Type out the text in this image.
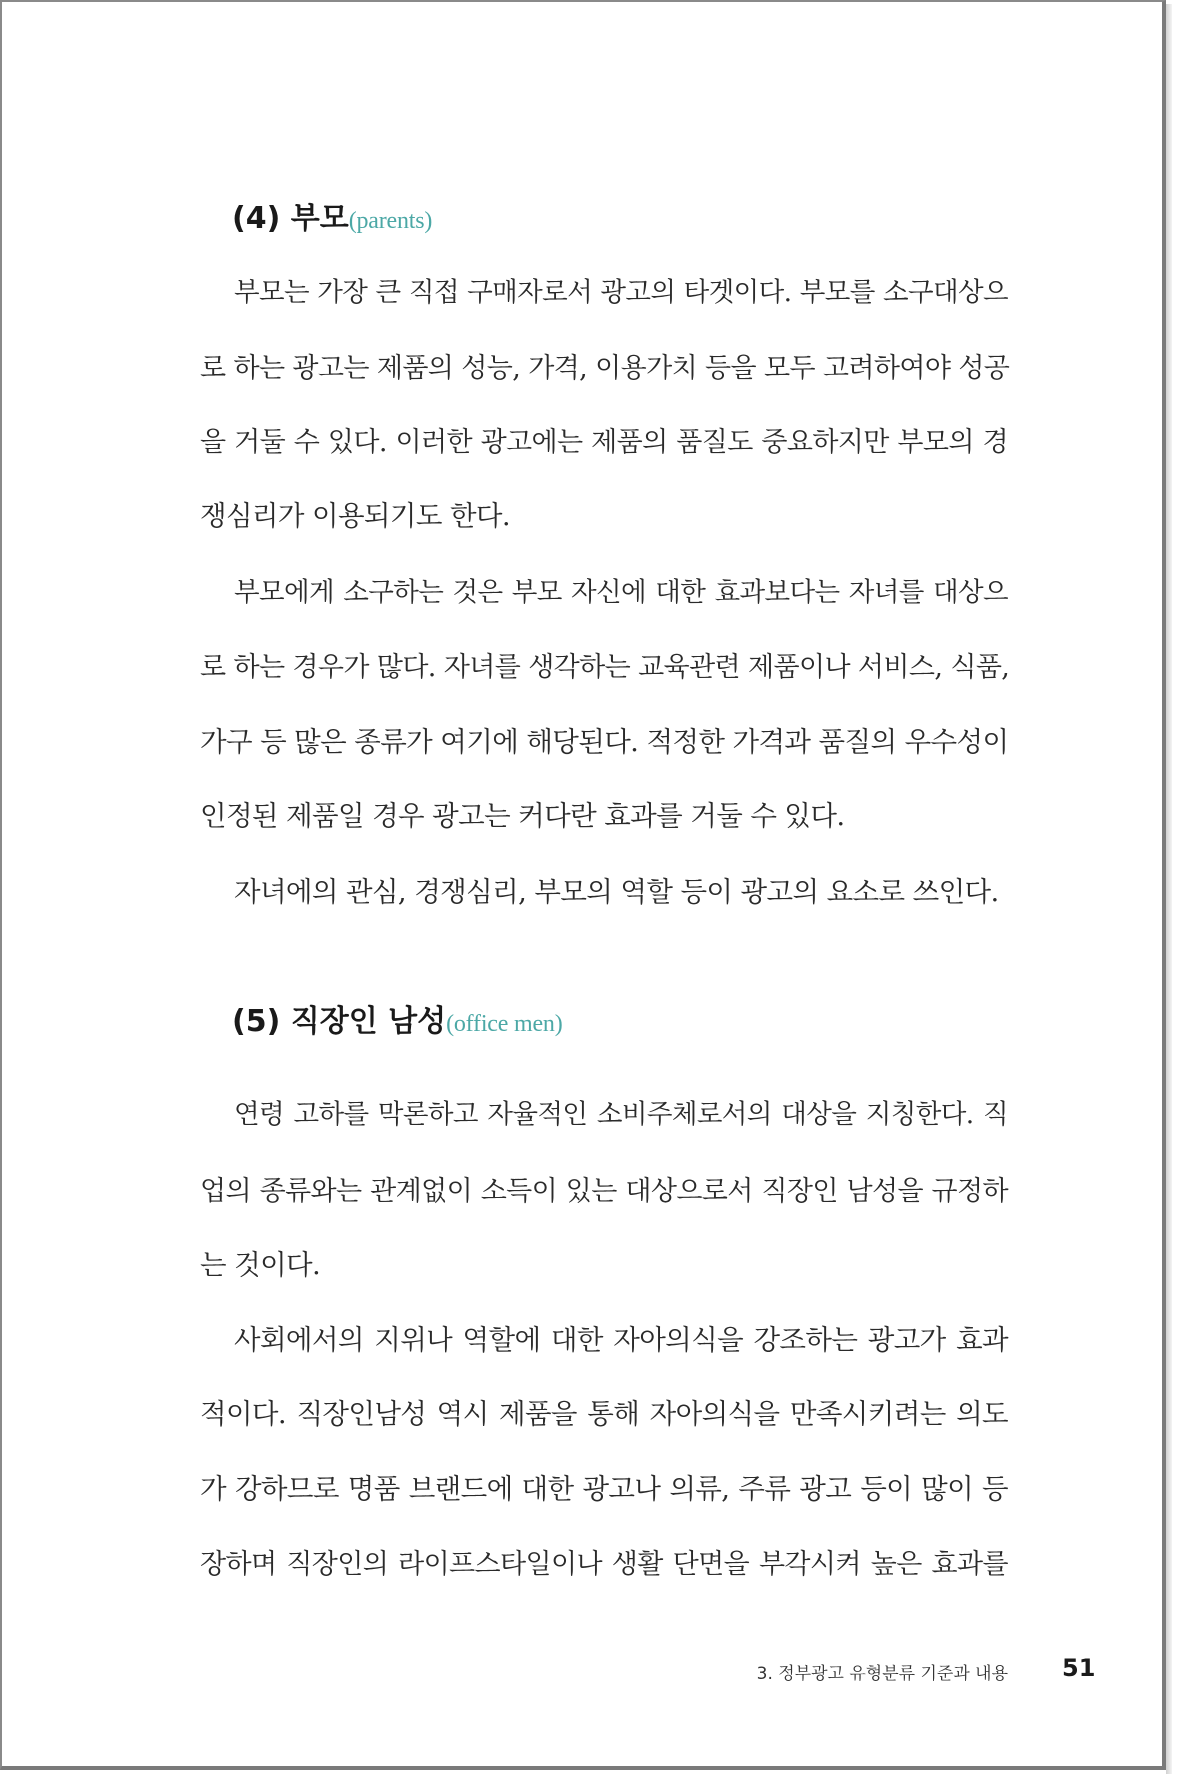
(4) 부모(parents)
부모는 가장 큰 직접 구매자로서 광고의 타겟이다. 부모를 소구대상으
로 하는 광고는 제품의 성능, 가격, 이용가치 등을 모두 고려하여야 성공
을 거둘 수 있다. 이러한 광고에는 제품의 품질도 중요하지만 부모의 경
쟁심리가 이용되기도 한다.
부모에게 소구하는 것은 부모 자신에 대한 효과보다는 자녀를 대상으
로 하는 경우가 많다. 자녀를 생각하는 교육관련 제품이나 서비스, 식품,
가구 등 많은 종류가 여기에 해당된다. 적정한 가격과 품질의 우수성이
인정된 제품일 경우 광고는 커다란 효과를 거둘 수 있다.
자녀에의 관심, 경쟁심리, 부모의 역할 등이 광고의 요소로 쓰인다.
(5) 직장인 남성(office men)
연령 고하를 막론하고 자율적인 소비주체로서의 대상을 지칭한다. 직
업의 종류와는 관계없이 소득이 있는 대상으로서 직장인 남성을 규정하
는 것이다.
사회에서의 지위나 역할에 대한 자아의식을 강조하는 광고가 효과
적이다. 직장인남성 역시 제품을 통해 자아의식을 만족시키려는 의도
가 강하므로 명품 브랜드에 대한 광고나 의류, 주류 광고 등이 많이 등
장하며 직장인의 라이프스타일이나 생활 단면을 부각시켜 높은 효과를
3. 정부광고 유형분류 기준과 내용 51
